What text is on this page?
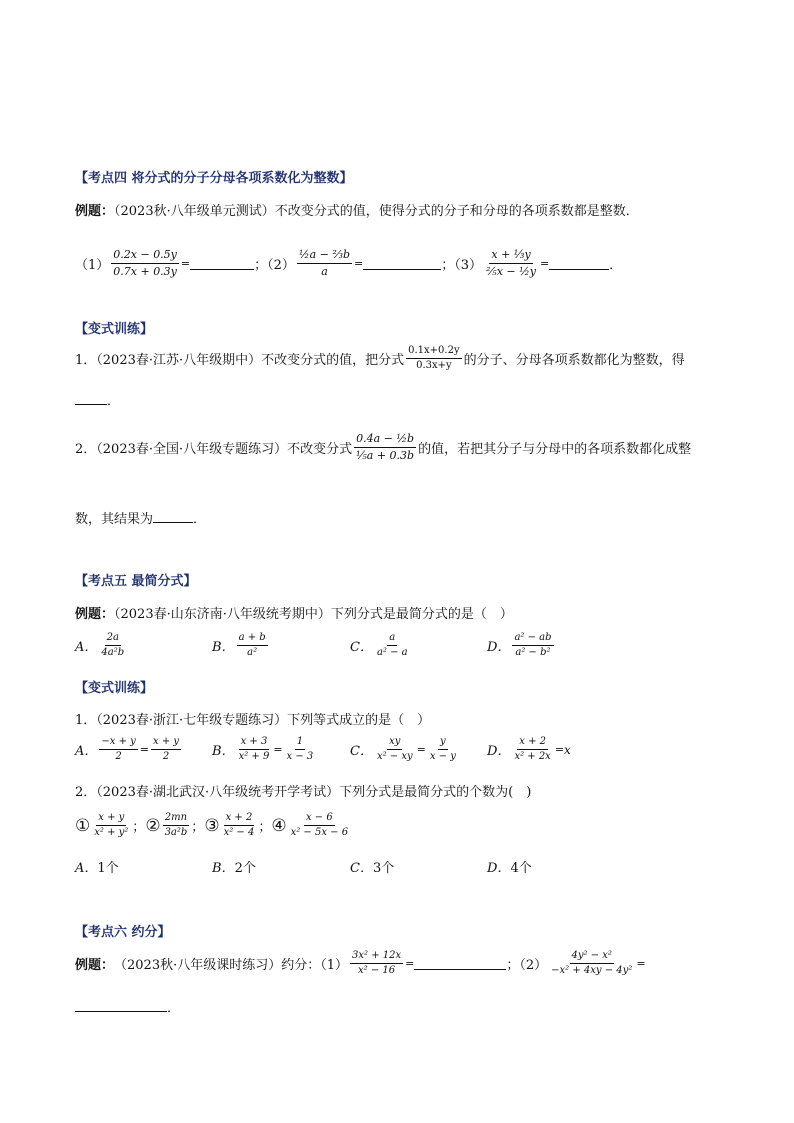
【考点四 将分式的分子分母各项系数化为整数】
例题：（2023秋·八年级单元测试）不改变分式的值，使得分式的分子和分母的各项系数都是整数．
$(1) \frac{0.2x - 0.5y}{0.7x + 0.3y}$ =	；$(2) \frac{\text{½a − ⅔b}}{a}$ =	；$(3) \frac{\text{x + ⅓y}}{\text{⅖x − ½y}}$ =	．
【变式训练】
1．（2023春·江苏·八年级期中）不改变分式的值，把分式 $\frac{0.1x+0.2y}{0.3x+y}$ 的分子、分母各项系数都化为整数，得
．
2．（2023春·全国·八年级专题练习）不改变分式 $\frac{\text{0.4a − ½b}}{\text{⅕a + 0.3b}}$ 的值，若把其分子与分母中的各项系数都化成整
数，其结果为	．
【考点五 最简分式】
例题：（2023春·山东济南·八年级统考期中）下列分式是最简分式的是（　）
A． $\frac{2a}{\text{4a²b}}$	B． $\frac{a + b}{\text{a²}}$	C． $\frac{a}{\text{a² − a}}$	D． $\frac{\text{a² − ab}}{\text{a² − b²}}$
【变式训练】
1．（2023春·浙江·七年级专题练习）下列等式成立的是（　）
A． $\frac{-x + y}{2} = \frac{x + y}{2}$ B． $\frac{x + 3}{\text{x² + 9}} = \frac{1}{x - 3}$	C． $\frac{xy}{\text{x² − xy}} = \frac{y}{x - y}$ D． $\frac{x + 2}{\text{x² + 2x}} = x$
2．（2023春·湖北武汉·八年级统考开学考试）下列分式是最简分式的个数为(　)
① $\frac{x + y}{\text{x² + y²}}$ ； ② $\frac{2mn}{\text{3a²b}}$ ； ③ $\frac{x + 2}{\text{x² − 4}}$ ； ④ $\frac{x - 6}{\text{x² − 5x − 6}}$
A．1个	B．2个	C．3个	D．4个
【考点六 约分】
例题： （2023秋·八年级课时练习）约分：$(1) \frac{\text{3x² + 12x}}{\text{x² − 16}}$ =	；$(2) \frac{\text{4y² − x²}}{\text{−x² + 4xy − 4y²}}$ =
．
